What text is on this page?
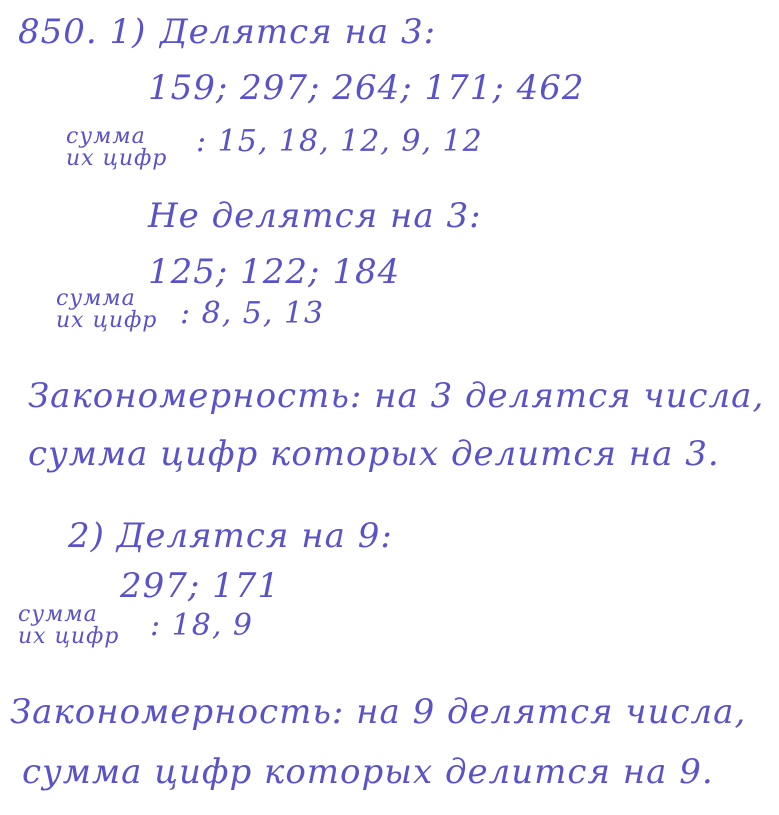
850. 1) Делятся на 3:
159; 297; 264; 171; 462
сумма
их цифр : 15, 18, 12, 9, 12
Не делятся на 3:
125; 122; 184
сумма
их цифр : 8, 5, 13
Закономерность: на 3 делятся числа,
сумма цифр которых делится на 3.
2) Делятся на 9:
297; 171
сумма
их цифр : 18, 9
Закономерность: на 9 делятся числа,
сумма цифр которых делится на 9.
